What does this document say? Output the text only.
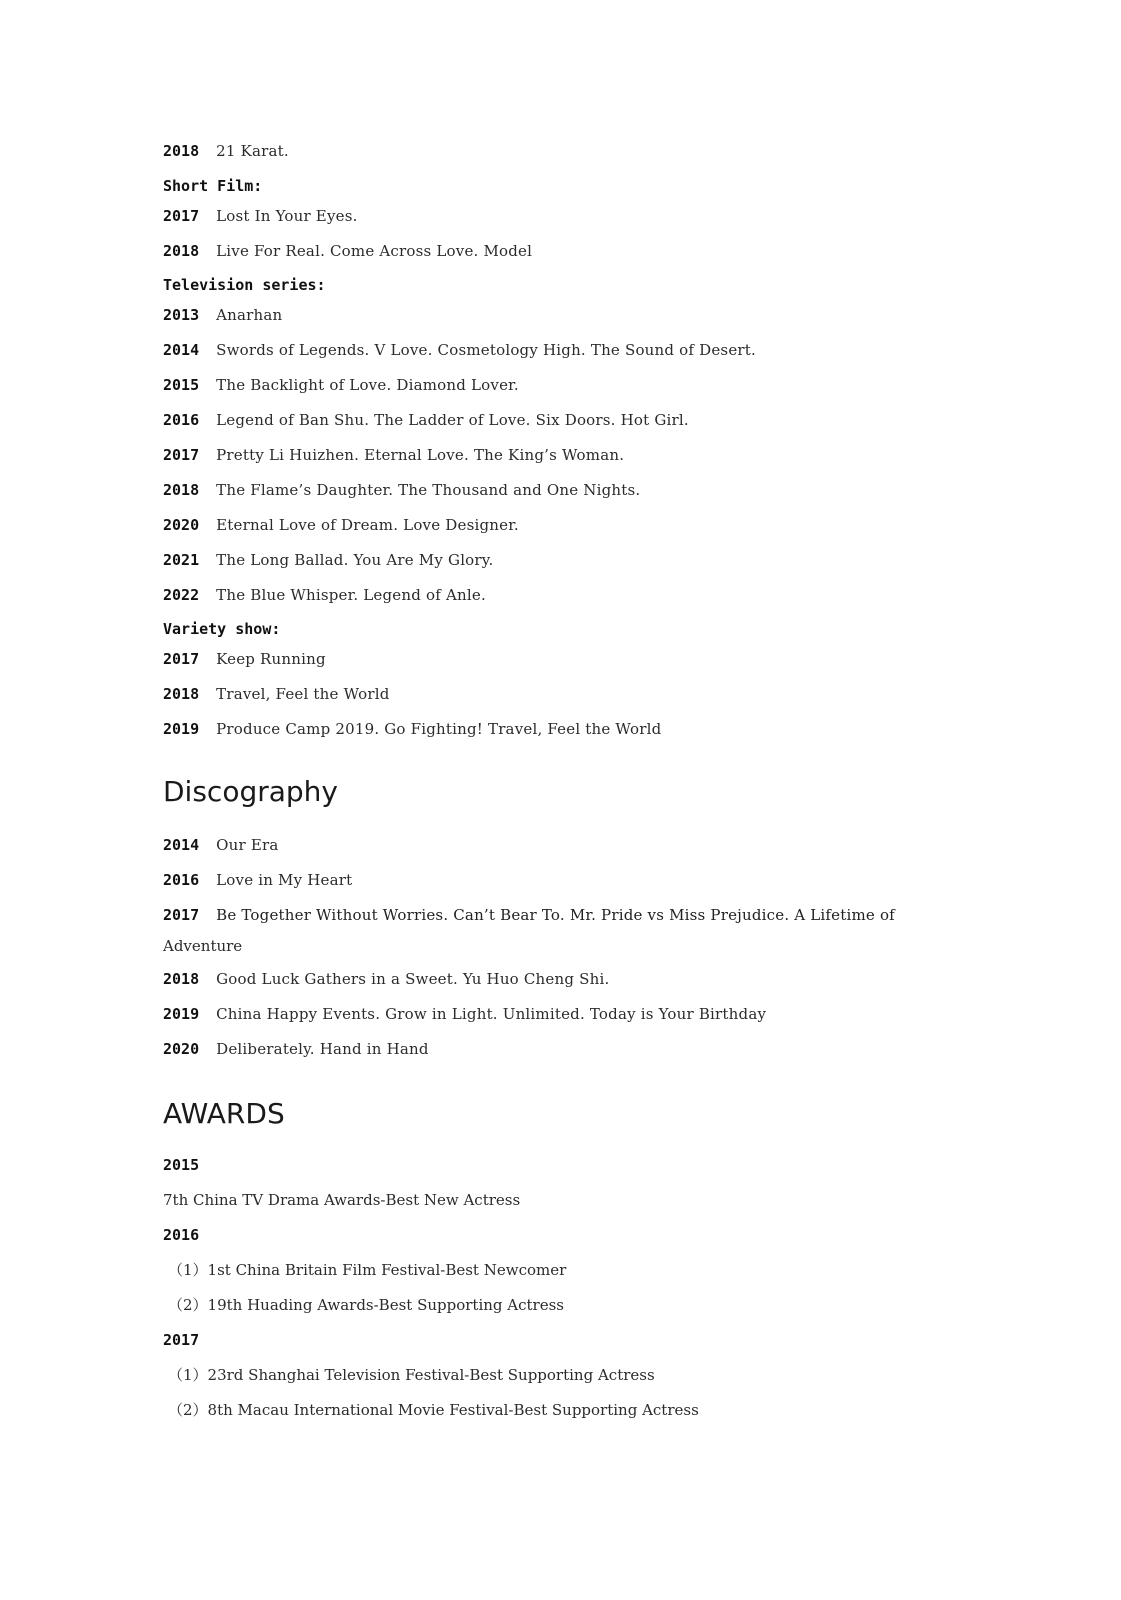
2018 21 Karat.
Short Film:
2017 Lost In Your Eyes.
2018 Live For Real. Come Across Love. Model
Television series:
2013 Anarhan
2014 Swords of Legends. V Love. Cosmetology High. The Sound of Desert.
2015 The Backlight of Love. Diamond Lover.
2016 Legend of Ban Shu. The Ladder of Love. Six Doors. Hot Girl.
2017 Pretty Li Huizhen. Eternal Love. The King’s Woman.
2018 The Flame’s Daughter. The Thousand and One Nights.
2020 Eternal Love of Dream. Love Designer.
2021 The Long Ballad. You Are My Glory.
2022 The Blue Whisper. Legend of Anle.
Variety show:
2017 Keep Running
2018 Travel, Feel the World
2019 Produce Camp 2019. Go Fighting! Travel, Feel the World
Discography
2014 Our Era
2016 Love in My Heart
2017 Be Together Without Worries. Can’t Bear To. Mr. Pride vs Miss Prejudice. A Lifetime of
Adventure
2018 Good Luck Gathers in a Sweet. Yu Huo Cheng Shi.
2019 China Happy Events. Grow in Light. Unlimited. Today is Your Birthday
2020 Deliberately. Hand in Hand
AWARDS
2015
7th China TV Drama Awards-Best New Actress
2016
（1）1st China Britain Film Festival-Best Newcomer
（2）19th Huading Awards-Best Supporting Actress
2017
（1）23rd Shanghai Television Festival-Best Supporting Actress
（2）8th Macau International Movie Festival-Best Supporting Actress
